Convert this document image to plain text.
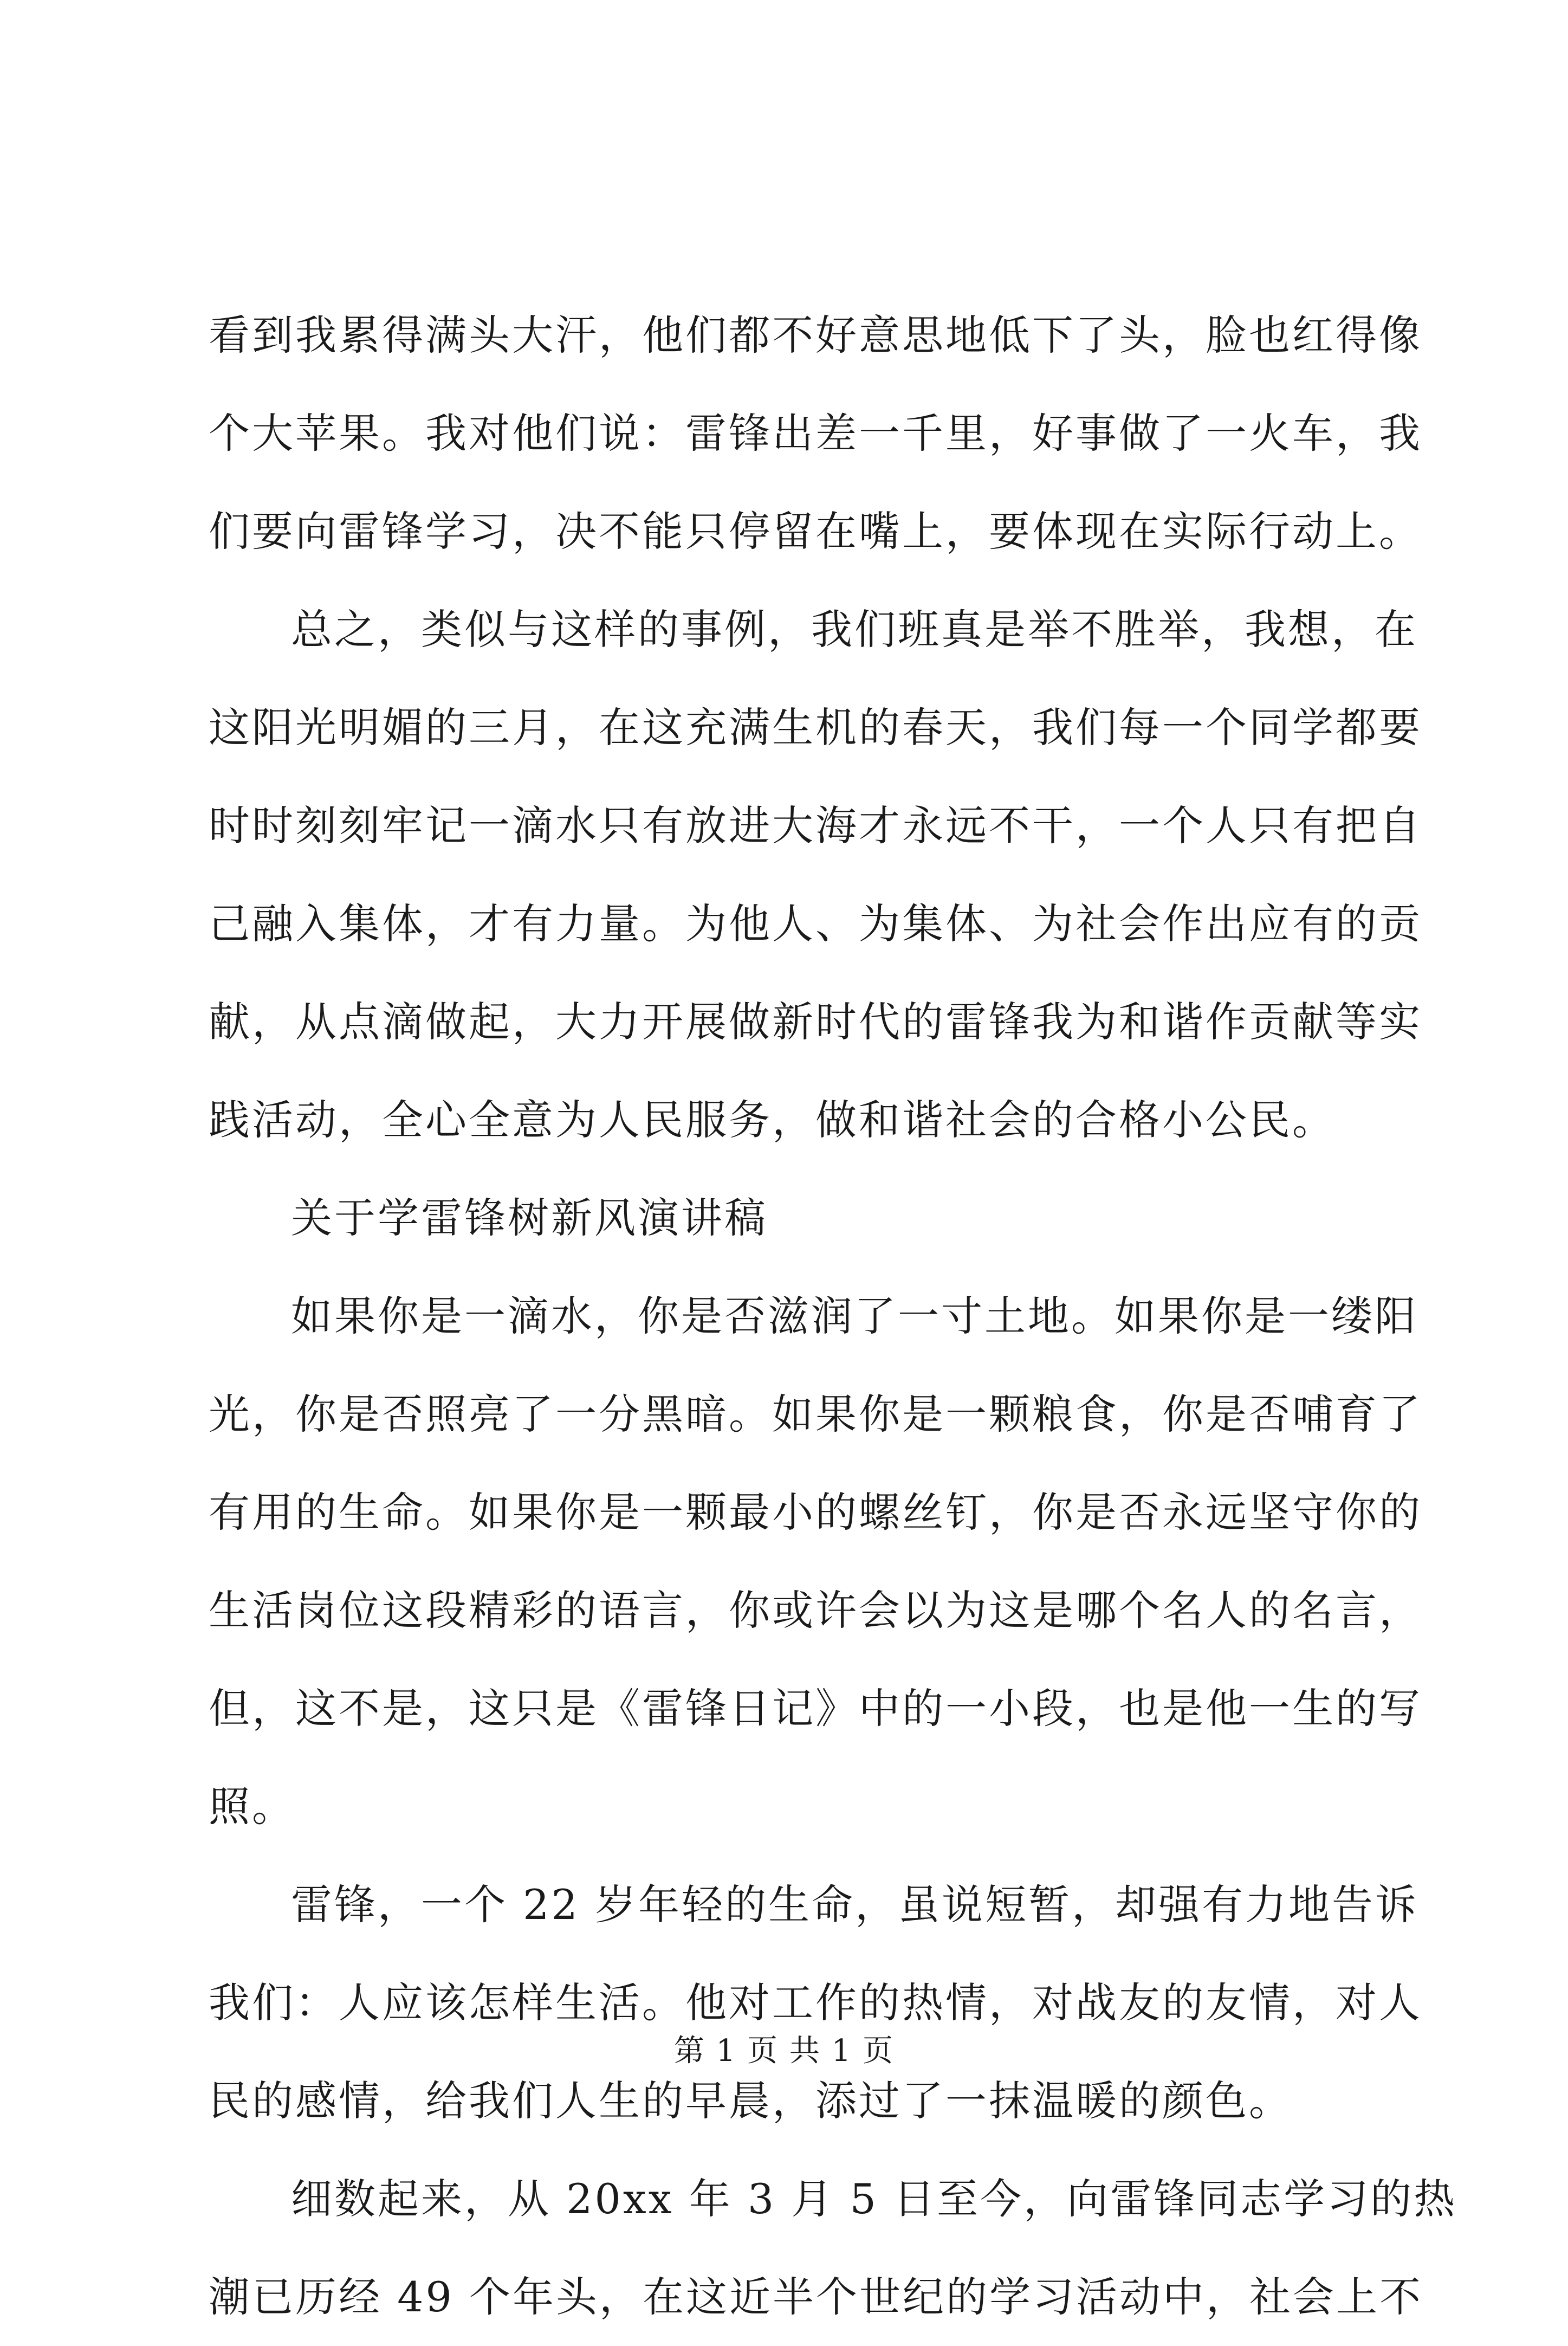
看到我累得满头大汗，他们都不好意思地低下了头，脸也红得像
个大苹果。我对他们说：雷锋出差一千里，好事做了一火车，我
们要向雷锋学习，决不能只停留在嘴上，要体现在实际行动上。
总之，类似与这样的事例，我们班真是举不胜举，我想，在
这阳光明媚的三月，在这充满生机的春天，我们每一个同学都要
时时刻刻牢记一滴水只有放进大海才永远不干，一个人只有把自
己融入集体，才有力量。为他人、为集体、为社会作出应有的贡
献，从点滴做起，大力开展做新时代的雷锋我为和谐作贡献等实
践活动，全心全意为人民服务，做和谐社会的合格小公民。
关于学雷锋树新风演讲稿
如果你是一滴水，你是否滋润了一寸土地。如果你是一缕阳
光，你是否照亮了一分黑暗。如果你是一颗粮食，你是否哺育了
有用的生命。如果你是一颗最小的螺丝钉，你是否永远坚守你的
生活岗位这段精彩的语言，你或许会以为这是哪个名人的名言，
但，这不是，这只是《雷锋日记》中的一小段，也是他一生的写
照。
雷锋，一个 22 岁年轻的生命，虽说短暂，却强有力地告诉
我们：人应该怎样生活。他对工作的热情，对战友的友情，对人
民的感情，给我们人生的早晨，添过了一抹温暖的颜色。
细数起来，从 20xx 年 3 月 5 日至今，向雷锋同志学习的热
潮已历经 49 个年头，在这近半个世纪的学习活动中，社会上不
第 1 页 共 1 页
